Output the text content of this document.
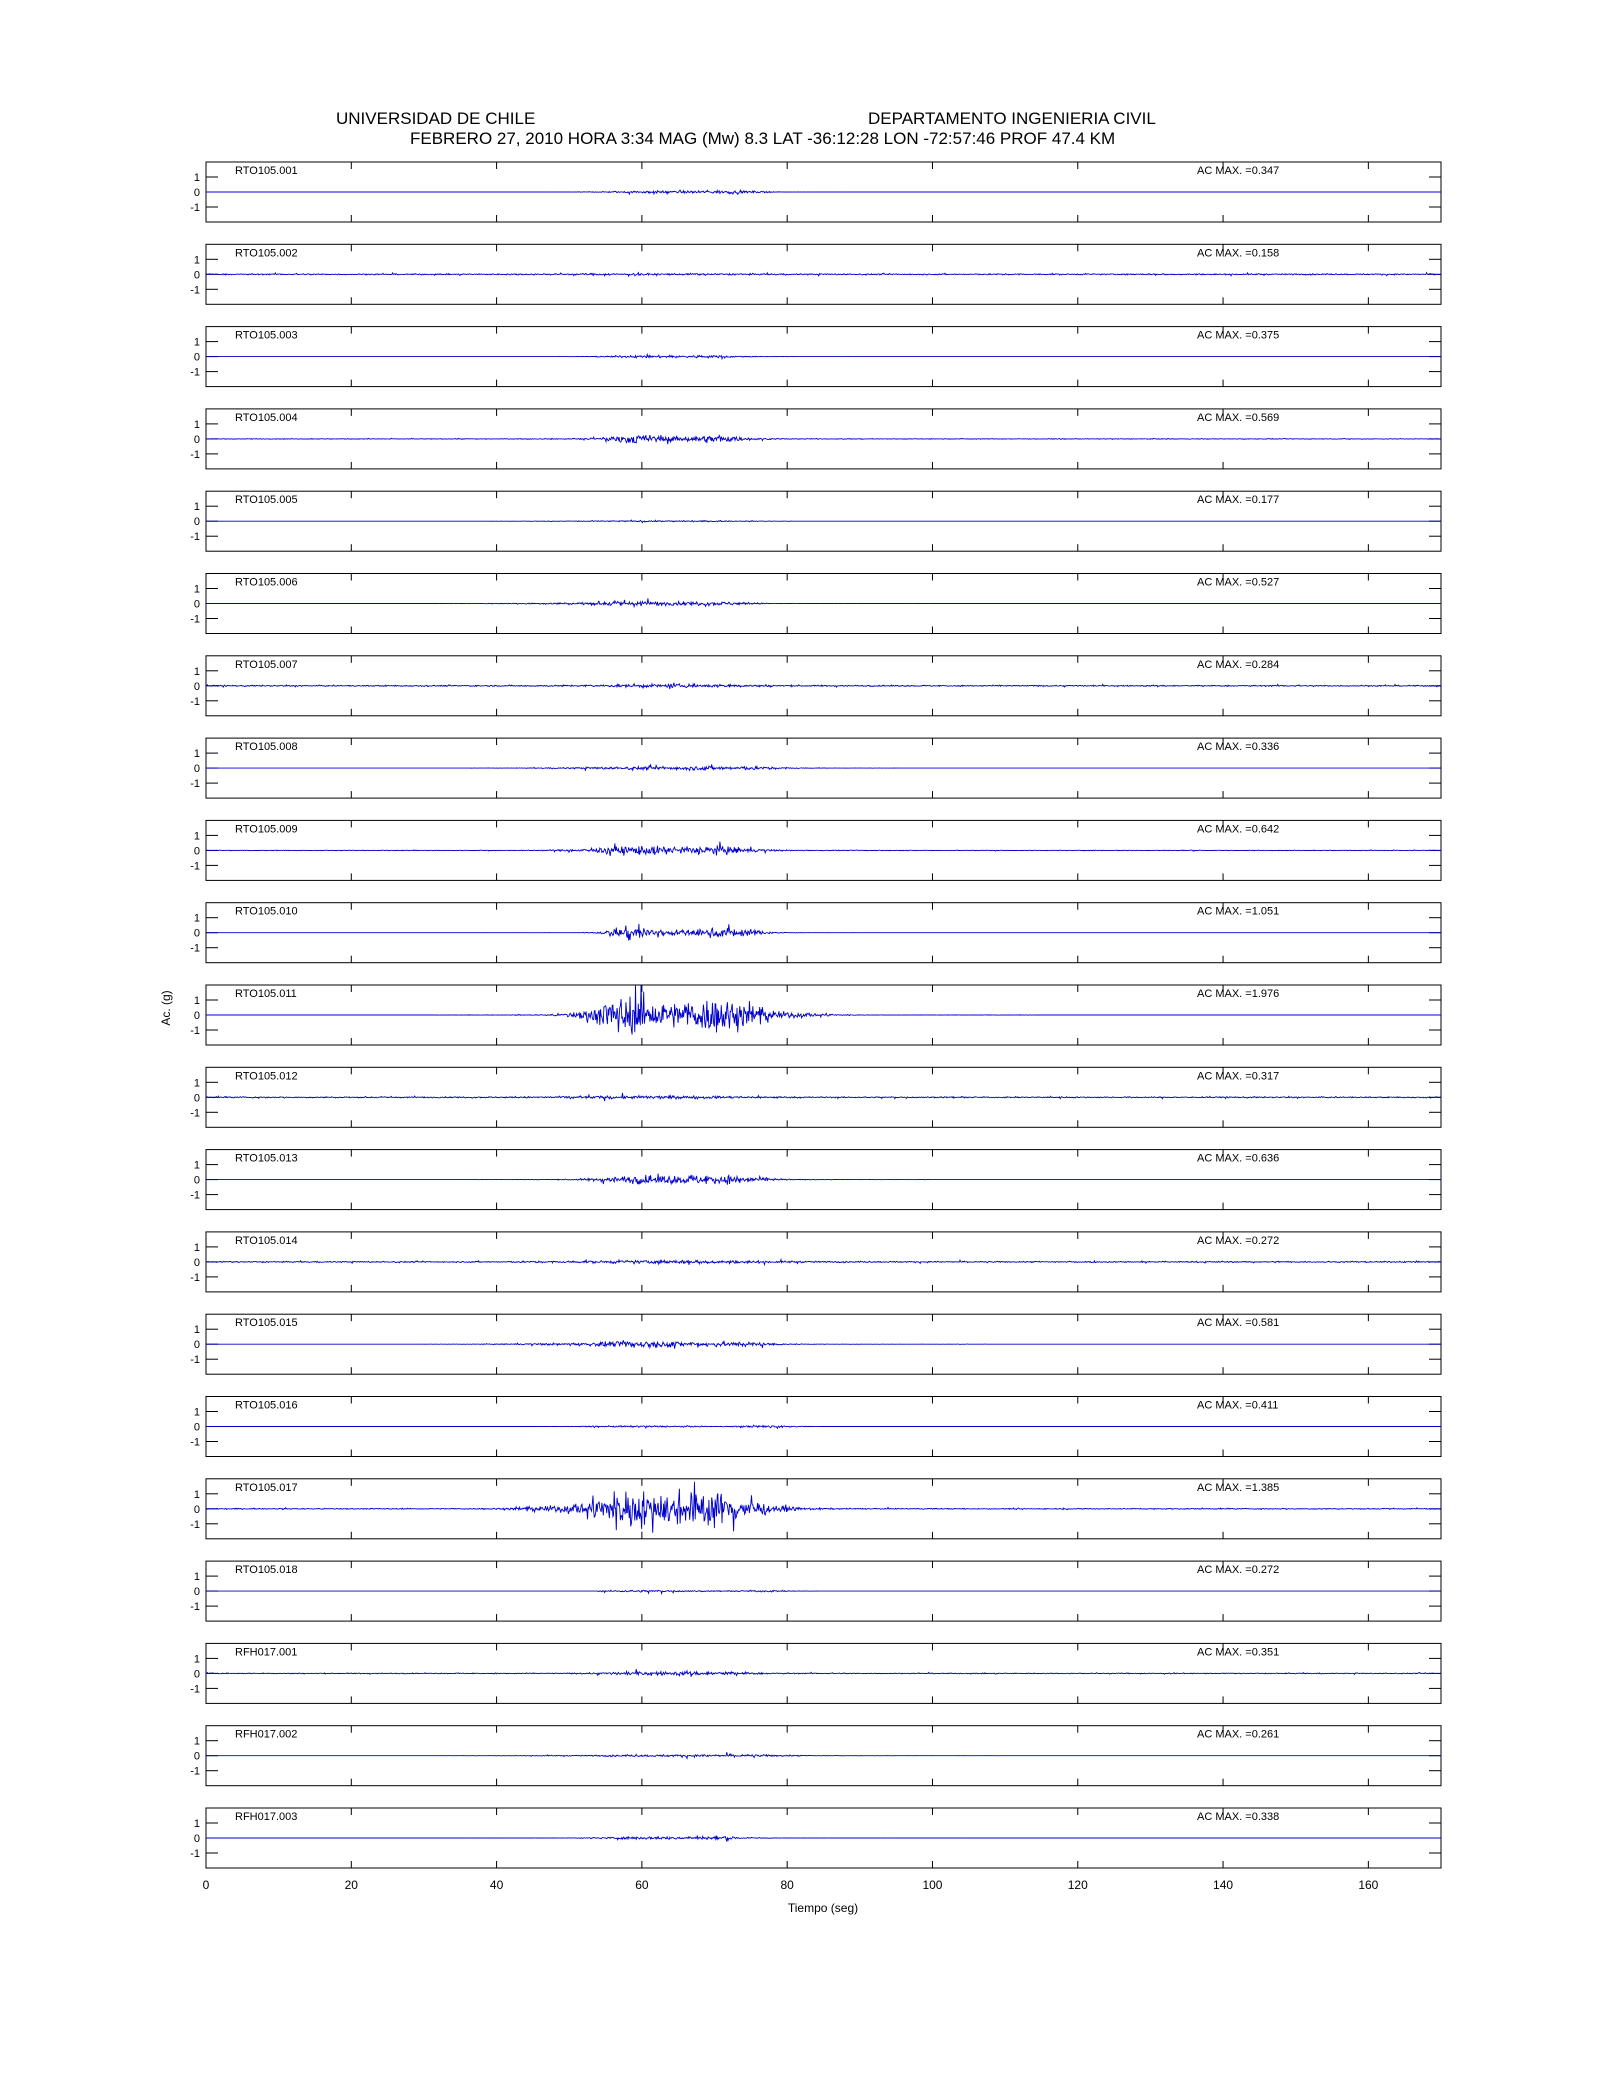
UNIVERSIDAD DE CHILE	DEPARTAMENTO INGENIERIA CIVIL
FEBRERO 27, 2010 HORA 3:34 MAG (Mw) 8.3 LAT -36:12:28 LON -72:57:46 PROF 47.4 KM
1
0
-1
RTO105.001	AC MAX. =0.347
1
0
-1
RTO105.002	AC MAX. =0.158
1
0
-1
RTO105.003	AC MAX. =0.375
1
0
-1
RTO105.004	AC MAX. =0.569
1
0
-1
RTO105.005	AC MAX. =0.177
1
0
-1
RTO105.006	AC MAX. =0.527
1
0
-1
RTO105.007	AC MAX. =0.284
1
0
-1
RTO105.008	AC MAX. =0.336
1
0
-1
RTO105.009	AC MAX. =0.642
1
0
-1
RTO105.010	AC MAX. =1.051
1
0
-1
RTO105.011	AC MAX. =1.976
1
0
-1
RTO105.012	AC MAX. =0.317
1
0
-1
RTO105.013	AC MAX. =0.636
1
0
-1
RTO105.014	AC MAX. =0.272
1
0
-1
RTO105.015	AC MAX. =0.581
1
0
-1
RTO105.016	AC MAX. =0.411
1
0
-1
RTO105.017	AC MAX. =1.385
1
0
-1
RTO105.018	AC MAX. =0.272
1
0
-1
RFH017.001	AC MAX. =0.351
1
0
-1
RFH017.002	AC MAX. =0.261
1
0
-1
RFH017.003	AC MAX. =0.338
0	20	40	60	80	100	120	140	160
Tiempo (seg)
Ac. (g)
